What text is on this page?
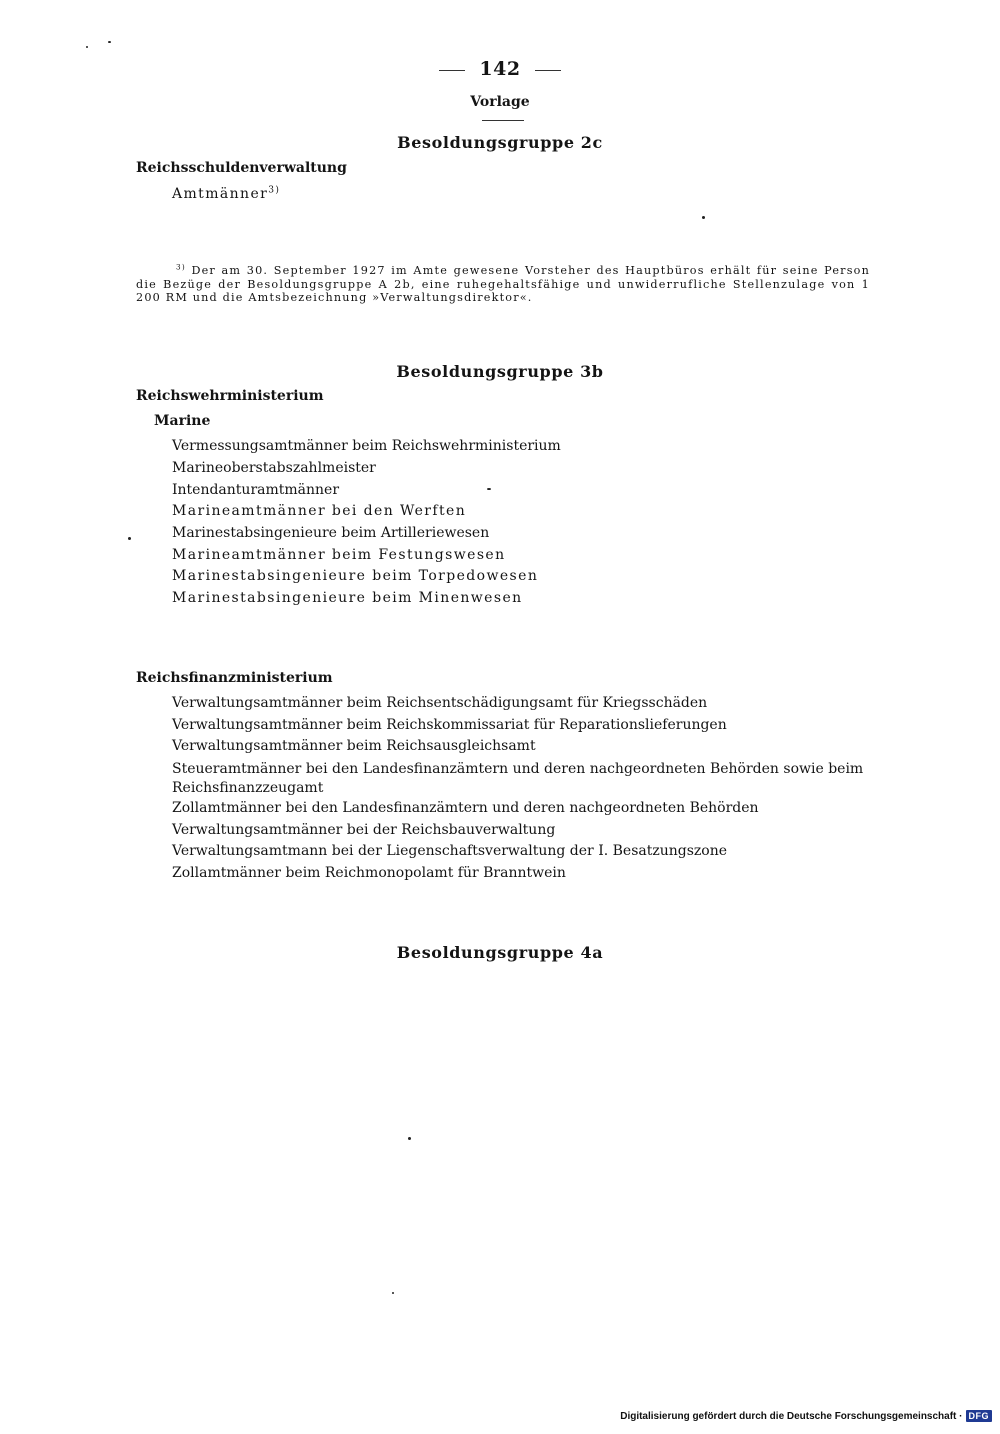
142
Vorlage
Besoldungsgruppe 2c
Reichsschuldenverwaltung
Amtmänner$^{3)}$
$^{3)}$ Der am 30. September 1927 im Amte gewesene Vorsteher des Hauptbüros erhält für seine Person die Bezüge der Besoldungsgruppe A 2b, eine ruhegehaltsfähige und unwiderrufliche Stellenzulage von 1 200 RM und die Amtsbezeichnung »Verwaltungsdirektor«.
Besoldungsgruppe 3b
Reichswehrministerium
Marine
Vermessungsamtmänner beim Reichswehrministerium
Marineoberstabszahlmeister
Intendanturamtmänner
Marineamtmänner bei den Werften
Marinestabsingenieure beim Artilleriewesen
Marineamtmänner beim Festungswesen
Marinestabsingenieure beim Torpedowesen
Marinestabsingenieure beim Minenwesen
Reichsfinanzministerium
Verwaltungsamtmänner beim Reichsentschädigungsamt für Kriegsschäden
Verwaltungsamtmänner beim Reichskommissariat für Reparationslieferungen
Verwaltungsamtmänner beim Reichsausgleichsamt
Steueramtmänner bei den Landesfinanzämtern und deren nachgeordneten Behörden sowie beim Reichsfinanzzeugamt
Zollamtmänner bei den Landesfinanzämtern und deren nachgeordneten Behörden
Verwaltungsamtmänner bei der Reichsbauverwaltung
Verwaltungsamtmann bei der Liegenschaftsverwaltung der I. Besatzungszone
Zollamtmänner beim Reichmonopolamt für Branntwein
Besoldungsgruppe 4a
Digitalisierung gefördert durch die Deutsche Forschungsgemeinschaft · DFG
